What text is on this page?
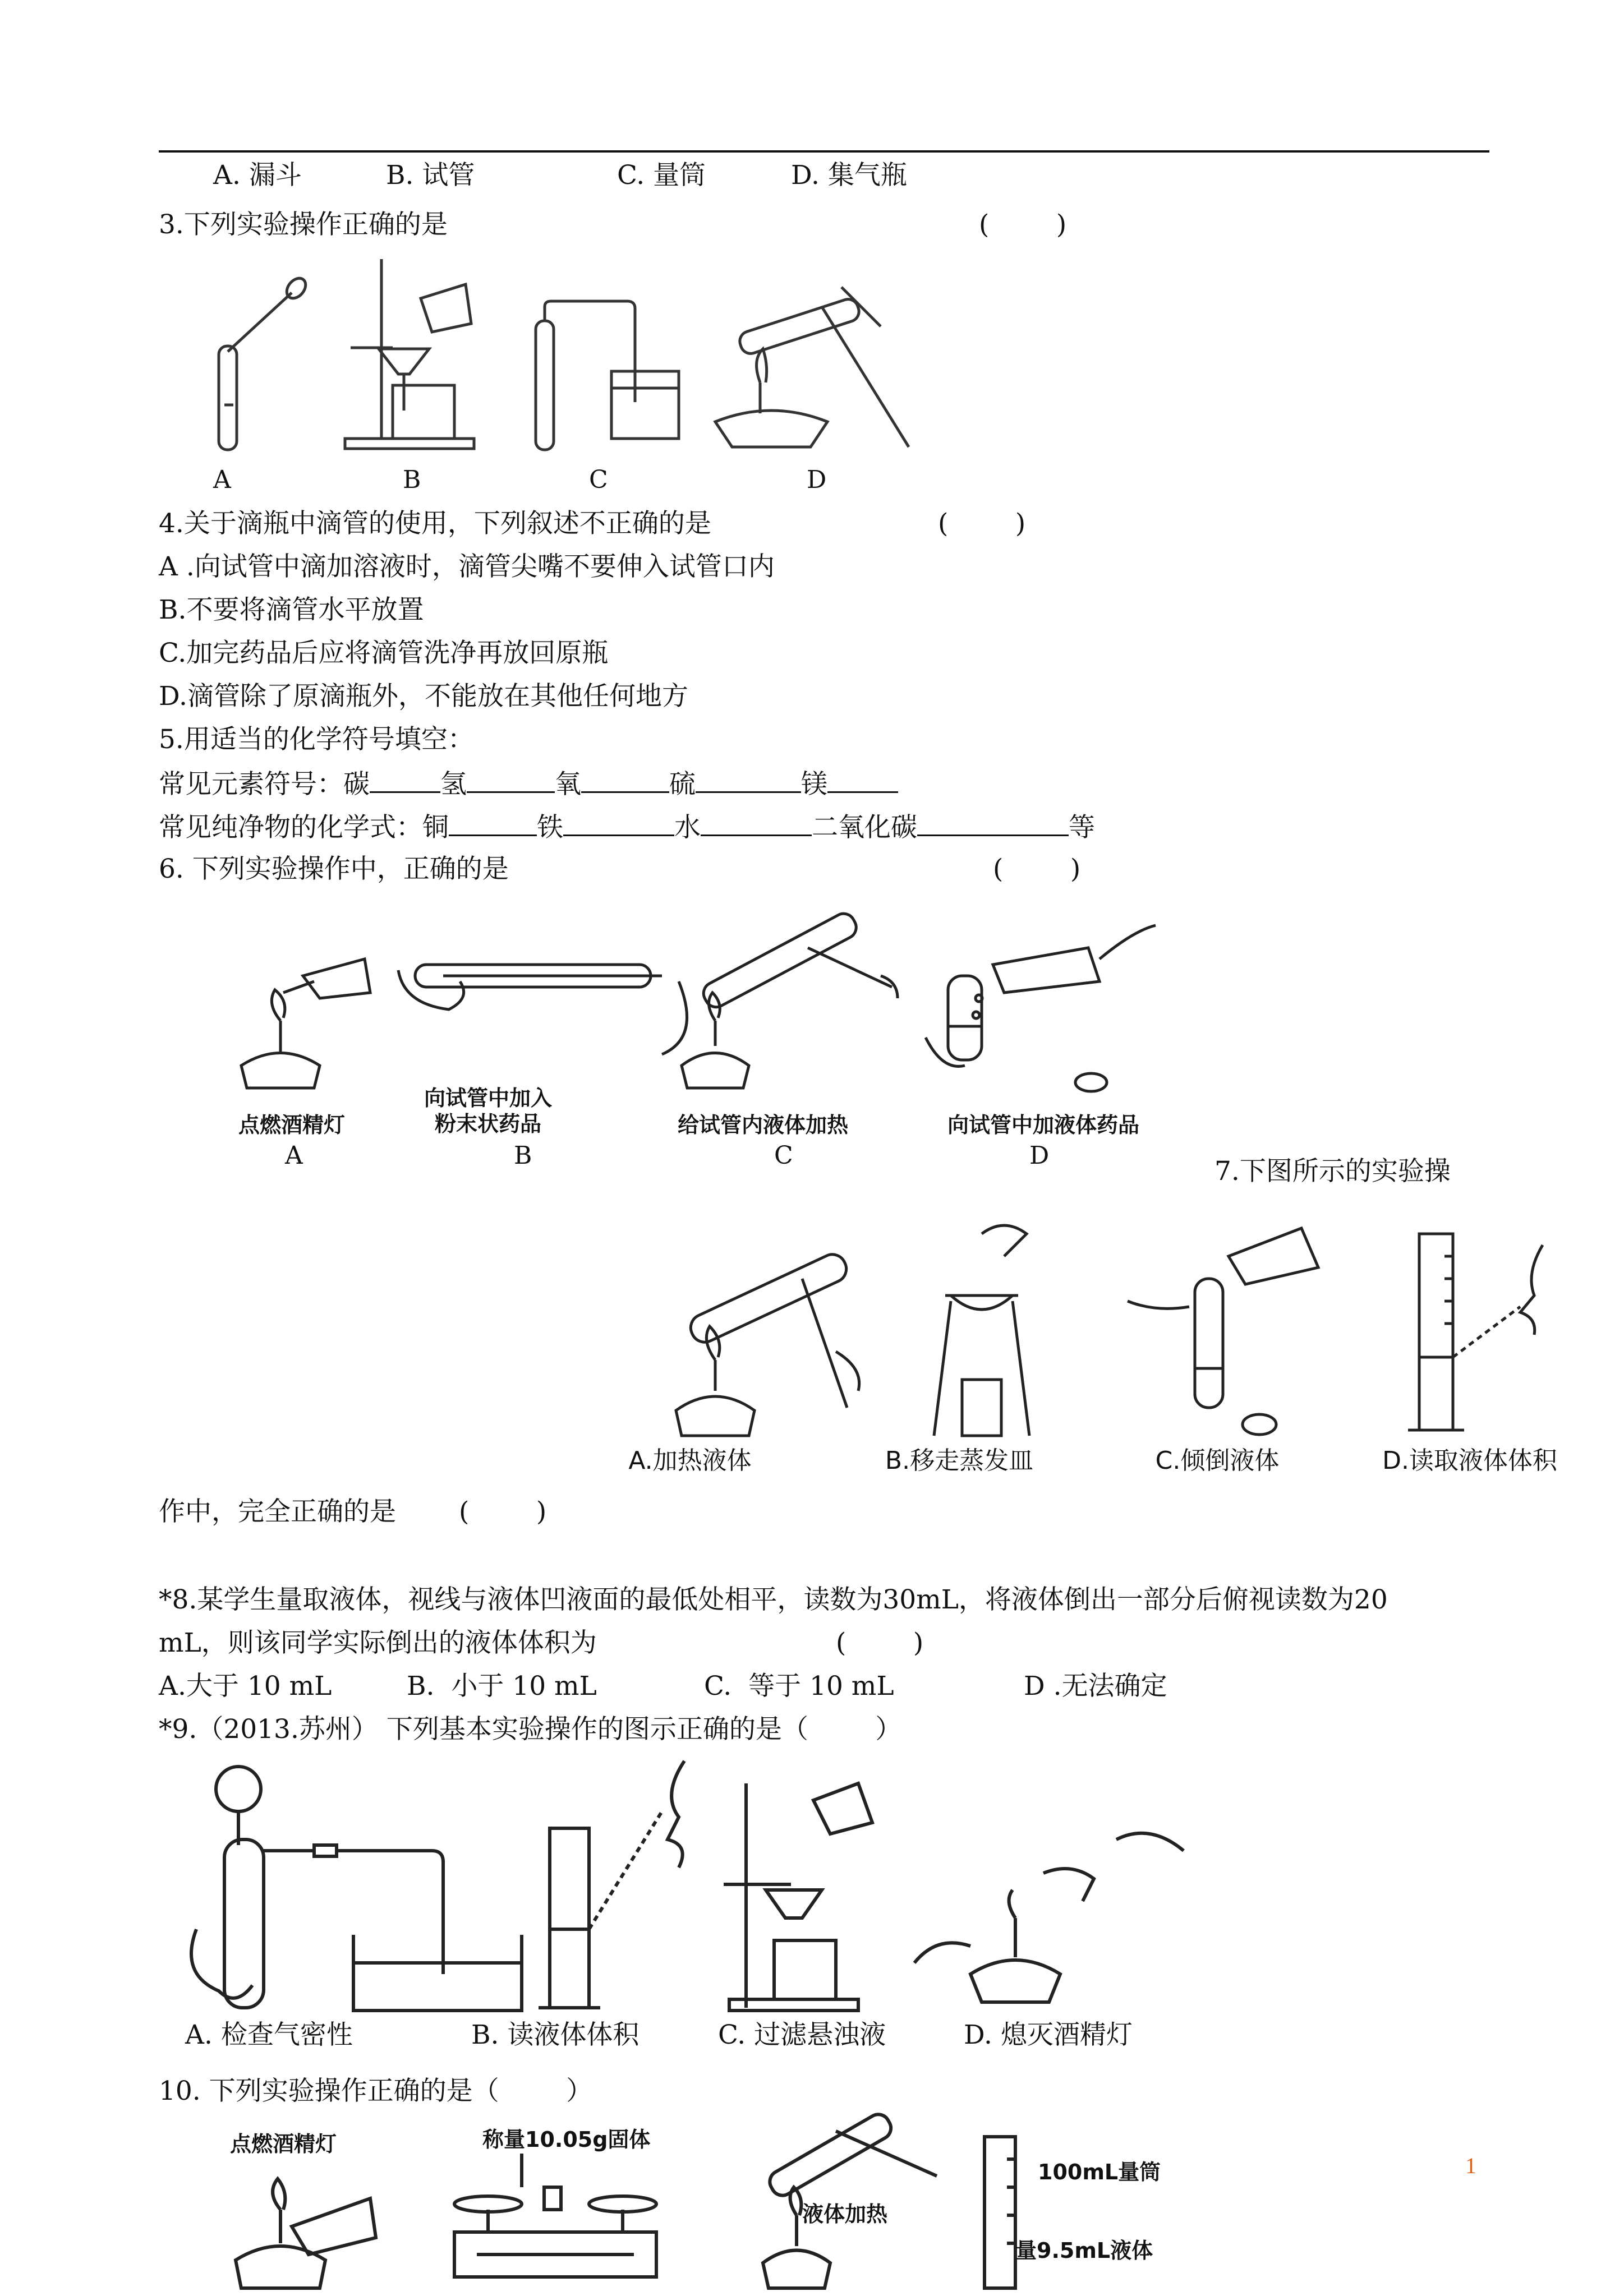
A. 漏斗	B. 试管	C. 量筒	D. 集气瓶
3.下列实验操作正确的是	(        )
A	B	C	D
4.关于滴瓶中滴管的使用，下列叙述不正确的是	(        )
A .向试管中滴加溶液时，滴管尖嘴不要伸入试管口内
B.不要将滴管水平放置
C.加完药品后应将滴管洗净再放回原瓶
D.滴管除了原滴瓶外，不能放在其他任何地方
5.用适当的化学符号填空：
常见元素符号：碳	氢	氧	硫	镁
常见纯净物的化学式：铜	铁	水	二氧化碳	等
6. 下列实验操作中，正确的是	(        )
点燃酒精灯
向试管中加入
粉末状药品	给试管内液体加热	向试管中加液体药品
A	B	C	D
7.下图所示的实验操
A.加热液体	B.移走蒸发皿	C.倾倒液体	D.读取液体体积
作中，完全正确的是 (        )
*8.某学生量取液体，视线与液体凹液面的最低处相平，读数为30mL，将液体倒出一部分后俯视读数为20
mL，则该同学实际倒出的液体体积为	(        )
A.大于 10 mL	B.  小于 10 mL	C.  等于 10 mL	D .无法确定
*9.（2013.苏州） 下列基本实验操作的图示正确的是（        ）
A. 检查气密性	B. 读液体体积	C. 过滤悬浊液	D. 熄灭酒精灯
10. 下列实验操作正确的是（        ）
点燃酒精灯	称量10.05g固体
液体加热
100mL量筒
量9.5mL液体
1
